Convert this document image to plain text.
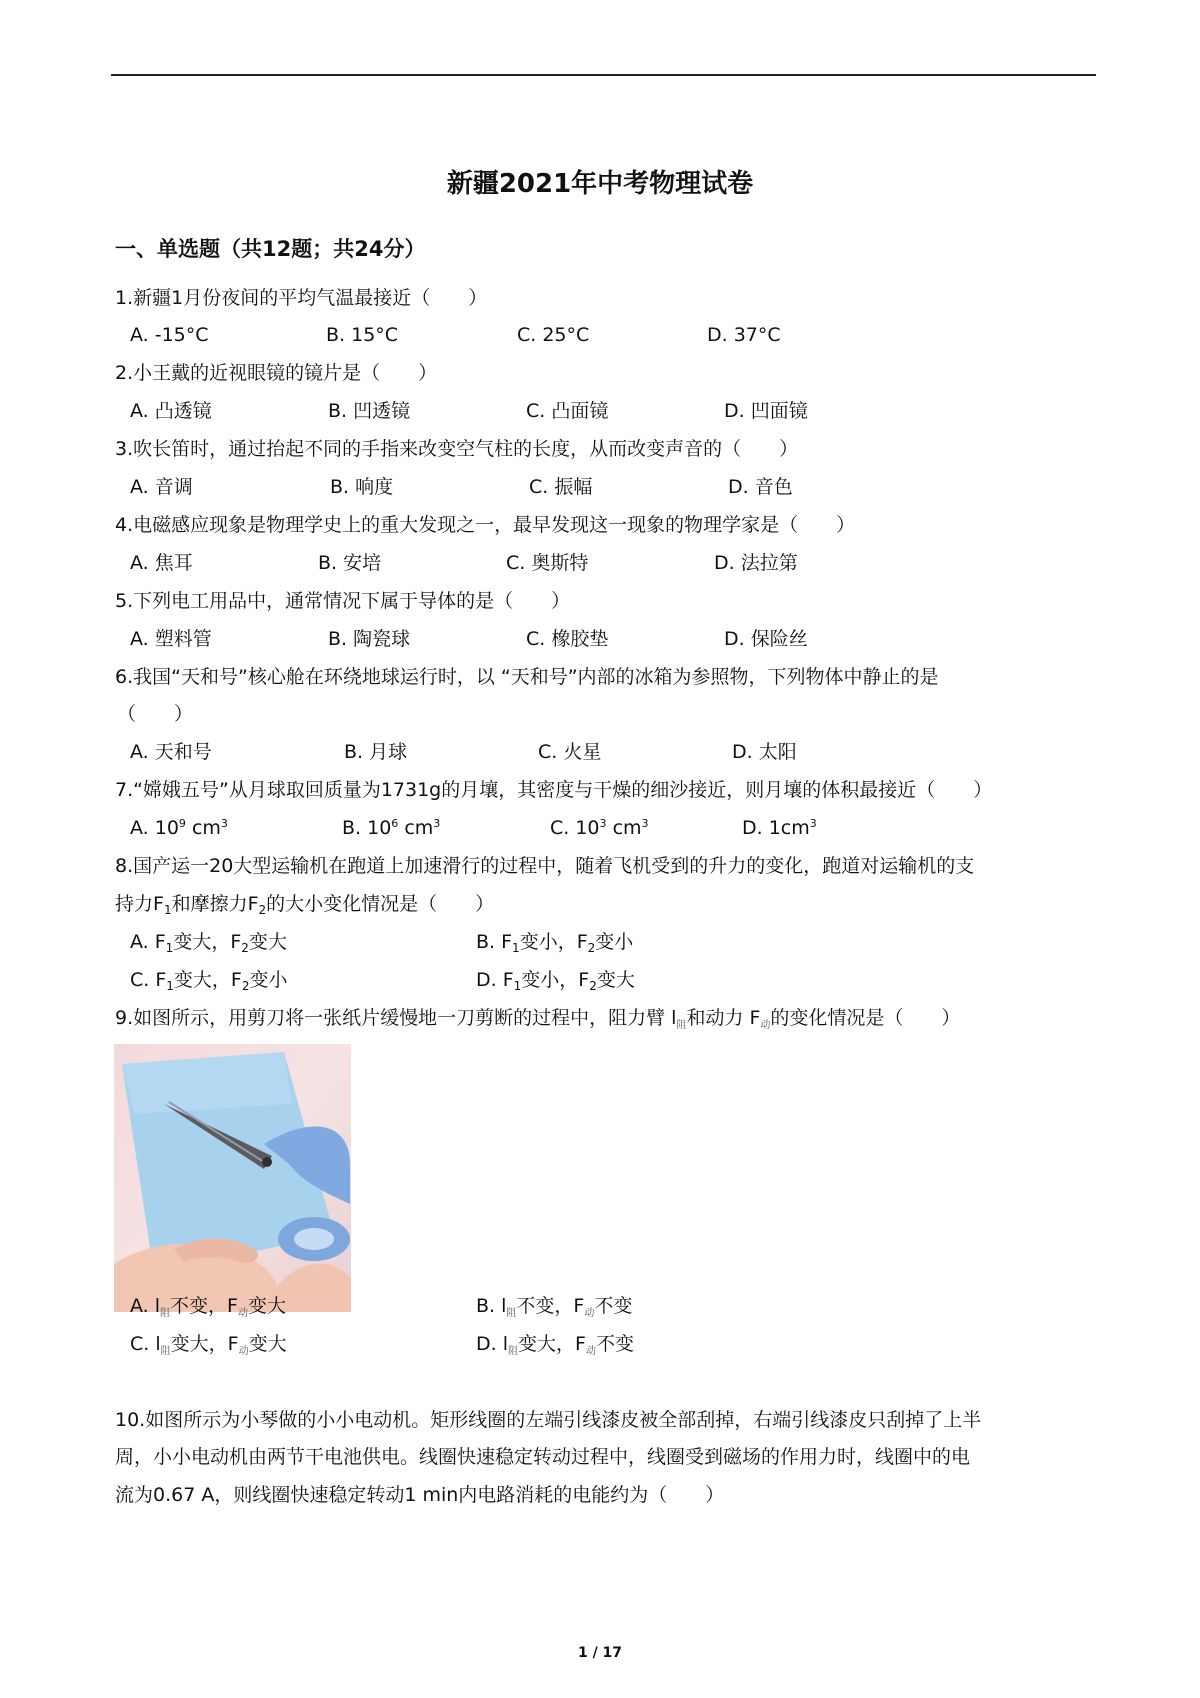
新疆2021年中考物理试卷
一、单选题（共12题；共24分）
1.新疆1月份夜间的平均气温最接近（　　）
A. -15°C	B. 15°C	C. 25°C	D. 37°C
2.小王戴的近视眼镜的镜片是（　　）
A. 凸透镜	B. 凹透镜	C. 凸面镜	D. 凹面镜
3.吹长笛时，通过抬起不同的手指来改变空气柱的长度，从而改变声音的（　　）
A. 音调	B. 响度	C. 振幅	D. 音色
4.电磁感应现象是物理学史上的重大发现之一，最早发现这一现象的物理学家是（　　）
A. 焦耳	B. 安培	C. 奥斯特	D. 法拉第
5.下列电工用品中，通常情况下属于导体的是（　　）
A. 塑料管	B. 陶瓷球	C. 橡胶垫	D. 保险丝
6.我国“天和号”核心舱在环绕地球运行时，以 “天和号”内部的冰箱为参照物，下列物体中静止的是
（　　）
A. 天和号	B. 月球	C. 火星	D. 太阳
7.“嫦娥五号”从月球取回质量为1731g的月壤，其密度与干燥的细沙接近，则月壤的体积最接近（　　）
A. $10^9$ $cm^3$	B. $10^6$ $cm^3$	C. $10^3$ $cm^3$	D. $1cm^3$
8.国产运一20大型运输机在跑道上加速滑行的过程中，随着飞机受到的升力的变化，跑道对运输机的支
持力$F_1$和摩擦力$F_2$的大小变化情况是（　　）
A. $F_1$变大，$F_2$变大	B. $F_1$变小，$F_2$变小
C. $F_1$变大，$F_2$变小	D. $F_1$变小，$F_2$变大
9.如图所示，用剪刀将一张纸片缓慢地一刀剪断的过程中，阻力臂 $l_阻$和动力 $F_动$的变化情况是（　　）
A. $l_阻$不变，$F_动$变大	B. $l_阻$不变，$F_动$不变
C. $l_阻$变大，$F_动$变大	D. $l_阻$变大，$F_动$不变
10.如图所示为小琴做的小小电动机。矩形线圈的左端引线漆皮被全部刮掉，右端引线漆皮只刮掉了上半
周，小小电动机由两节干电池供电。线圈快速稳定转动过程中，线圈受到磁场的作用力时，线圈中的电
流为0.67 A，则线圈快速稳定转动1 min内电路消耗的电能约为（　　）
1 / 17
